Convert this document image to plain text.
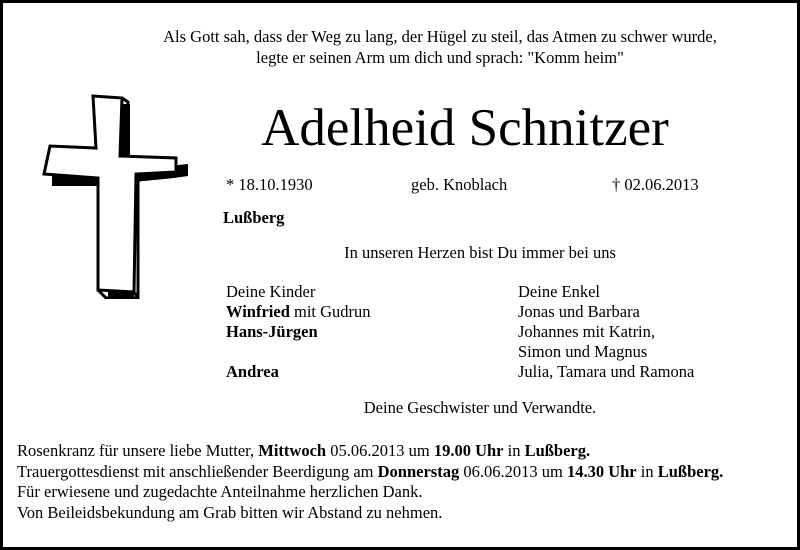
Als Gott sah, dass der Weg zu lang, der Hügel zu steil, das Atmen zu schwer wurde,
legte er seinen Arm um dich und sprach: "Komm heim"
Adelheid Schnitzer
* 18.10.1930	geb. Knoblach	† 02.06.2013
Lußberg
In unseren Herzen bist Du immer bei uns
Deine Kinder
Winfried mit Gudrun
Hans-Jürgen
Andrea
Deine Enkel
Jonas und Barbara
Johannes mit Katrin,
Simon und Magnus
Julia, Tamara und Ramona
Deine Geschwister und Verwandte.
Rosenkranz für unsere liebe Mutter, Mittwoch 05.06.2013 um 19.00 Uhr in Lußberg.
Trauergottesdienst mit anschließender Beerdigung am Donnerstag 06.06.2013 um 14.30 Uhr in Lußberg.
Für erwiesene und zugedachte Anteilnahme herzlichen Dank.
Von Beileidsbekundung am Grab bitten wir Abstand zu nehmen.
